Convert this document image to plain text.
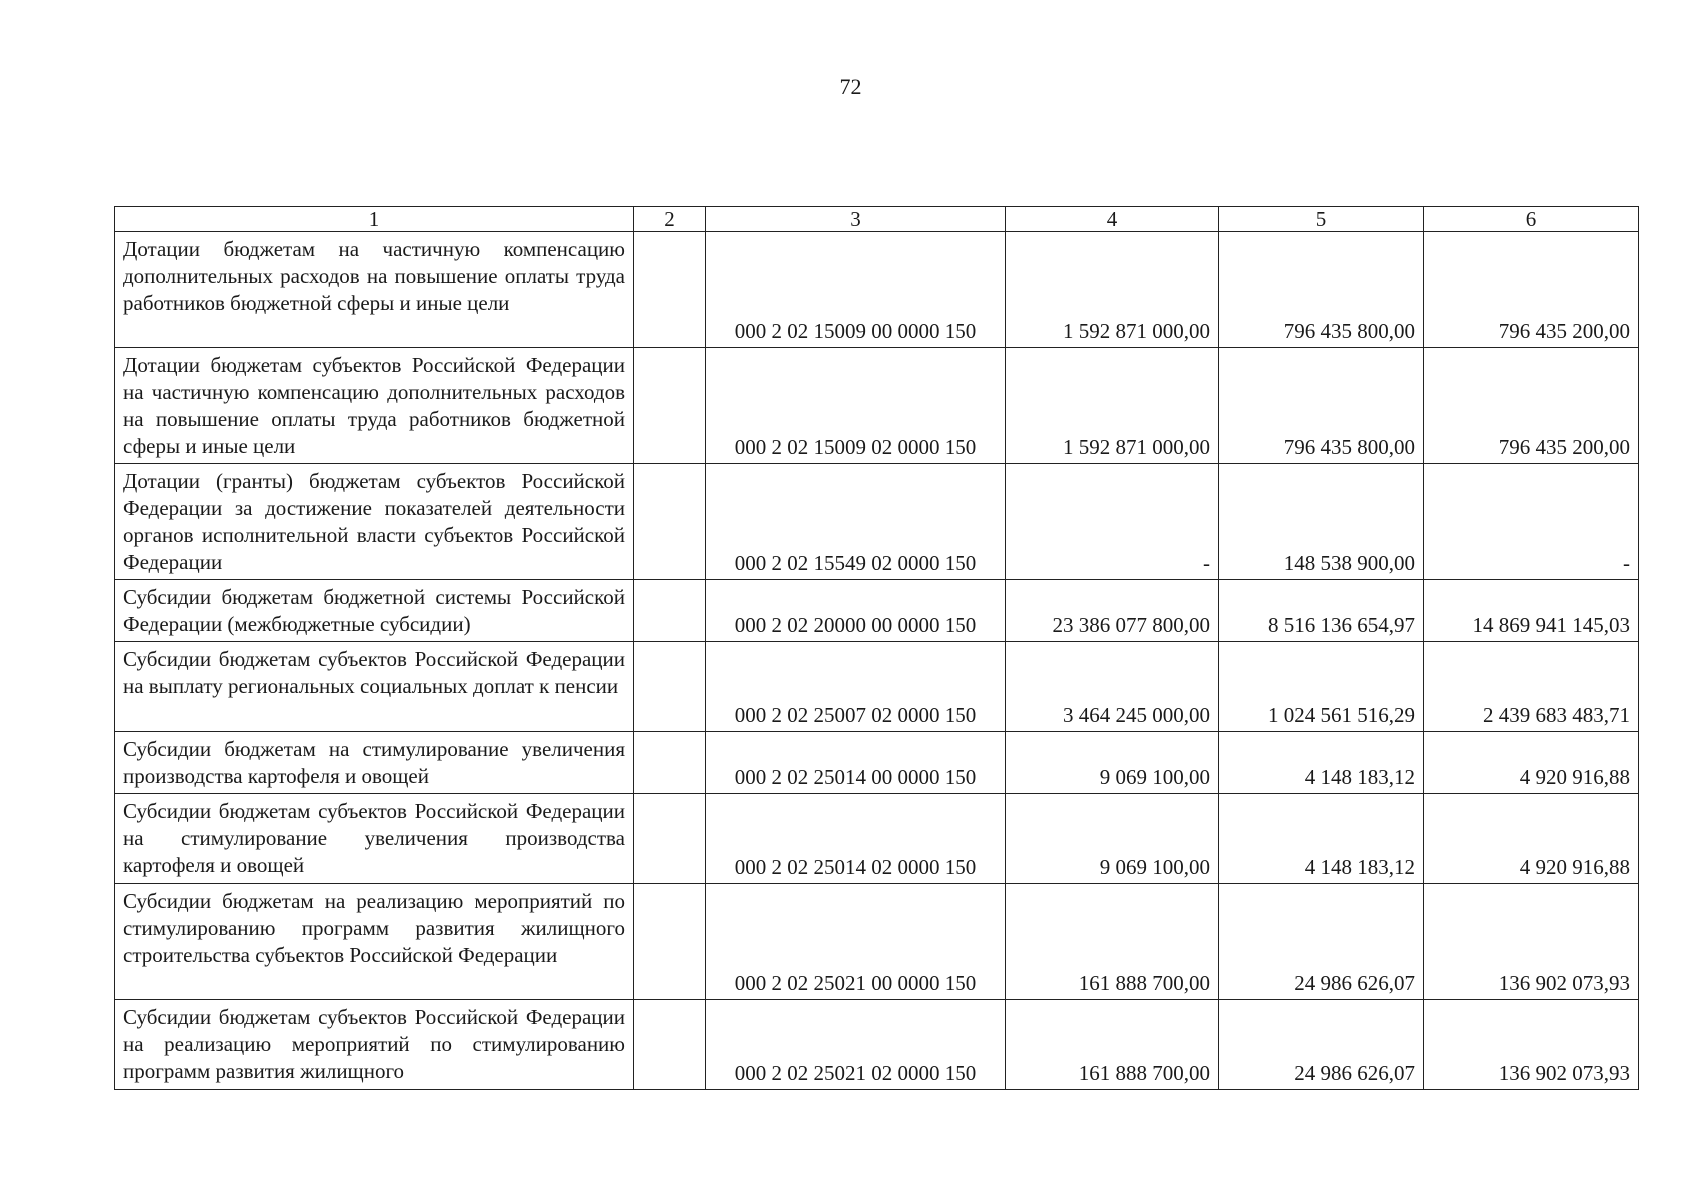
72
1	2	3	4	5	6
Дотации бюджетам на частичную компенсацию дополнительных расходов на повышение оплаты труда работников бюджетной сферы и иные цели		000 2 02 15009 00 0000 150	1 592 871 000,00	796 435 800,00	796 435 200,00
Дотации бюджетам субъектов Российской Федерации на частичную компенсацию дополнительных расходов на повышение оплаты труда работников бюджетной сферы и иные цели		000 2 02 15009 02 0000 150	1 592 871 000,00	796 435 800,00	796 435 200,00
Дотации (гранты) бюджетам субъектов Российской Федерации за достижение показателей деятельности органов исполнительной власти субъектов Российской Федерации		000 2 02 15549 02 0000 150	-	148 538 900,00	-
Субсидии бюджетам бюджетной системы Российской Федерации (межбюджетные субсидии)		000 2 02 20000 00 0000 150	23 386 077 800,00	8 516 136 654,97	14 869 941 145,03
Субсидии бюджетам субъектов Российской Федерации на выплату региональных социальных доплат к пенсии		000 2 02 25007 02 0000 150	3 464 245 000,00	1 024 561 516,29	2 439 683 483,71
Субсидии бюджетам на стимулирование увеличения производства картофеля и овощей		000 2 02 25014 00 0000 150	9 069 100,00	4 148 183,12	4 920 916,88
Субсидии бюджетам субъектов Российской Федерации на стимулирование увеличения производства картофеля и овощей		000 2 02 25014 02 0000 150	9 069 100,00	4 148 183,12	4 920 916,88
Субсидии бюджетам на реализацию мероприятий по стимулированию программ развития жилищного строительства субъектов Российской Федерации		000 2 02 25021 00 0000 150	161 888 700,00	24 986 626,07	136 902 073,93
Субсидии бюджетам субъектов Российской Федерации на реализацию мероприятий по стимулированию программ развития жилищного		000 2 02 25021 02 0000 150	161 888 700,00	24 986 626,07	136 902 073,93
